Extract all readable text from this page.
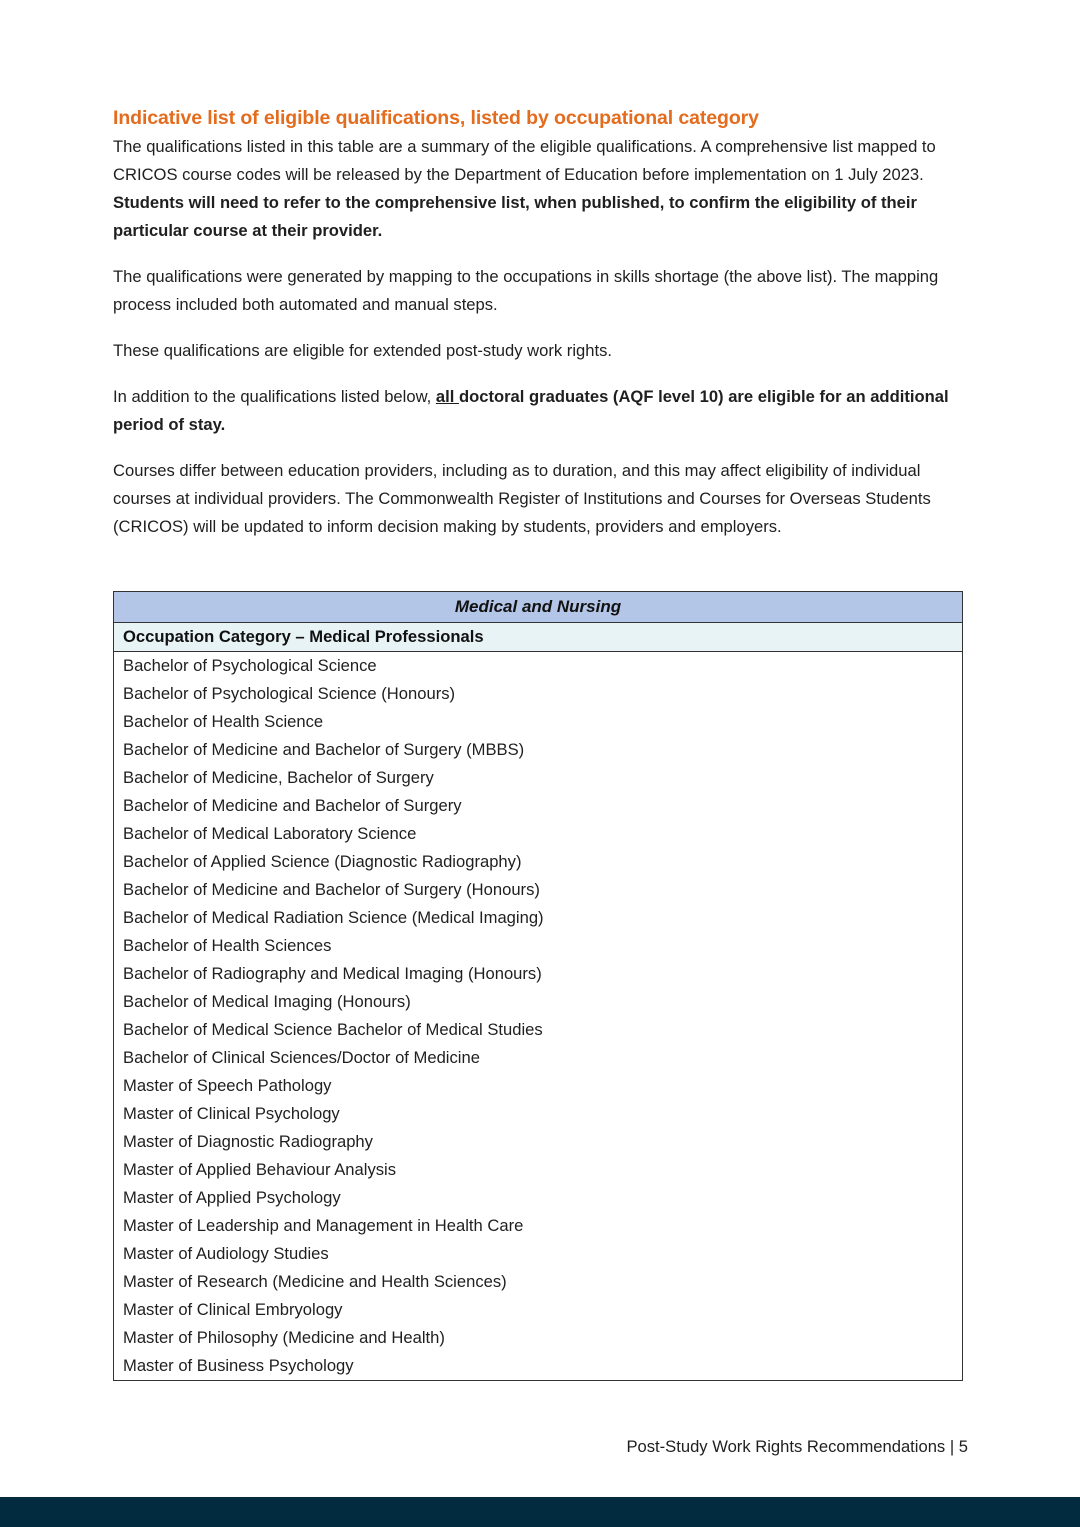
Indicative list of eligible qualifications, listed by occupational category

The qualifications listed in this table are a summary of the eligible qualifications. A comprehensive list mapped to CRICOS course codes will be released by the Department of Education before implementation on 1 July 2023. Students will need to refer to the comprehensive list, when published, to confirm the eligibility of their particular course at their provider.

The qualifications were generated by mapping to the occupations in skills shortage (the above list). The mapping process included both automated and manual steps.

These qualifications are eligible for extended post-study work rights.

In addition to the qualifications listed below, all doctoral graduates (AQF level 10) are eligible for an additional period of stay.

Courses differ between education providers, including as to duration, and this may affect eligibility of individual courses at individual providers. The Commonwealth Register of Institutions and Courses for Overseas Students (CRICOS) will be updated to inform decision making by students, providers and employers.

Medical and Nursing
Occupation Category – Medical Professionals
Bachelor of Psychological Science
Bachelor of Psychological Science (Honours)
Bachelor of Health Science
Bachelor of Medicine and Bachelor of Surgery (MBBS)
Bachelor of Medicine, Bachelor of Surgery
Bachelor of Medicine and Bachelor of Surgery
Bachelor of Medical Laboratory Science
Bachelor of Applied Science (Diagnostic Radiography)
Bachelor of Medicine and Bachelor of Surgery (Honours)
Bachelor of Medical Radiation Science (Medical Imaging)
Bachelor of Health Sciences
Bachelor of Radiography and Medical Imaging (Honours)
Bachelor of Medical Imaging (Honours)
Bachelor of Medical Science Bachelor of Medical Studies
Bachelor of Clinical Sciences/Doctor of Medicine
Master of Speech Pathology
Master of Clinical Psychology
Master of Diagnostic Radiography
Master of Applied Behaviour Analysis
Master of Applied Psychology
Master of Leadership and Management in Health Care
Master of Audiology Studies
Master of Research (Medicine and Health Sciences)
Master of Clinical Embryology
Master of Philosophy (Medicine and Health)
Master of Business Psychology
Post-Study Work Rights Recommendations | 5
